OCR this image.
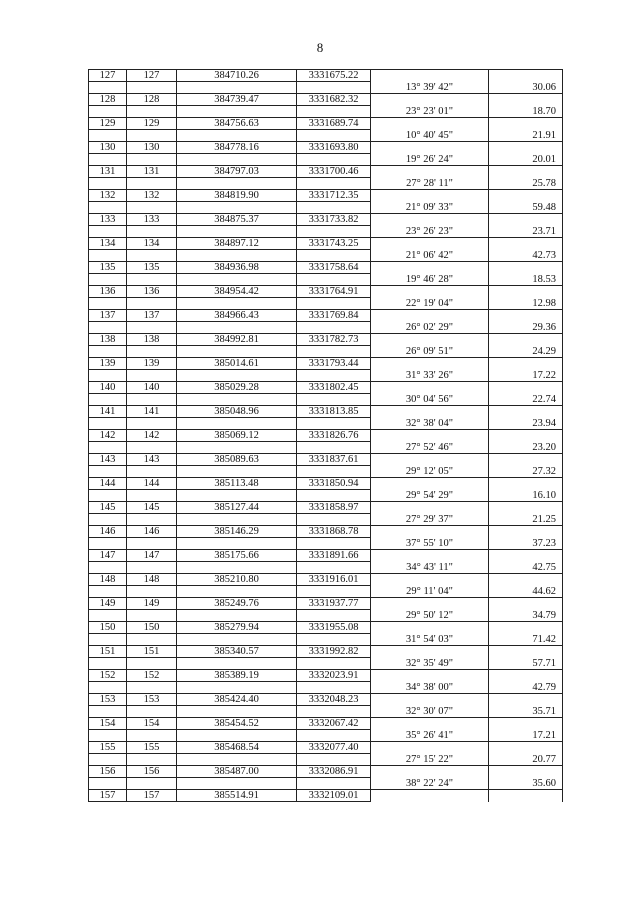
8
127	127	384710.26	3331675.22		
				13° 39' 42"	30.06
128	128	384739.47	3331682.32		
				23° 23' 01"	18.70
129	129	384756.63	3331689.74		
				10° 40' 45"	21.91
130	130	384778.16	3331693.80		
				19° 26' 24"	20.01
131	131	384797.03	3331700.46		
				27° 28' 11"	25.78
132	132	384819.90	3331712.35		
				21° 09' 33"	59.48
133	133	384875.37	3331733.82		
				23° 26' 23"	23.71
134	134	384897.12	3331743.25		
				21° 06' 42"	42.73
135	135	384936.98	3331758.64		
				19° 46' 28"	18.53
136	136	384954.42	3331764.91		
				22° 19' 04"	12.98
137	137	384966.43	3331769.84		
				26° 02' 29"	29.36
138	138	384992.81	3331782.73		
				26° 09' 51"	24.29
139	139	385014.61	3331793.44		
				31° 33' 26"	17.22
140	140	385029.28	3331802.45		
				30° 04' 56"	22.74
141	141	385048.96	3331813.85		
				32° 38' 04"	23.94
142	142	385069.12	3331826.76		
				27° 52' 46"	23.20
143	143	385089.63	3331837.61		
				29° 12' 05"	27.32
144	144	385113.48	3331850.94		
				29° 54' 29"	16.10
145	145	385127.44	3331858.97		
				27° 29' 37"	21.25
146	146	385146.29	3331868.78		
				37° 55' 10"	37.23
147	147	385175.66	3331891.66		
				34° 43' 11"	42.75
148	148	385210.80	3331916.01		
				29° 11' 04"	44.62
149	149	385249.76	3331937.77		
				29° 50' 12"	34.79
150	150	385279.94	3331955.08		
				31° 54' 03"	71.42
151	151	385340.57	3331992.82		
				32° 35' 49"	57.71
152	152	385389.19	3332023.91		
				34° 38' 00"	42.79
153	153	385424.40	3332048.23		
				32° 30' 07"	35.71
154	154	385454.52	3332067.42		
				35° 26' 41"	17.21
155	155	385468.54	3332077.40		
				27° 15' 22"	20.77
156	156	385487.00	3332086.91		
				38° 22' 24"	35.60
157	157	385514.91	3332109.01		
